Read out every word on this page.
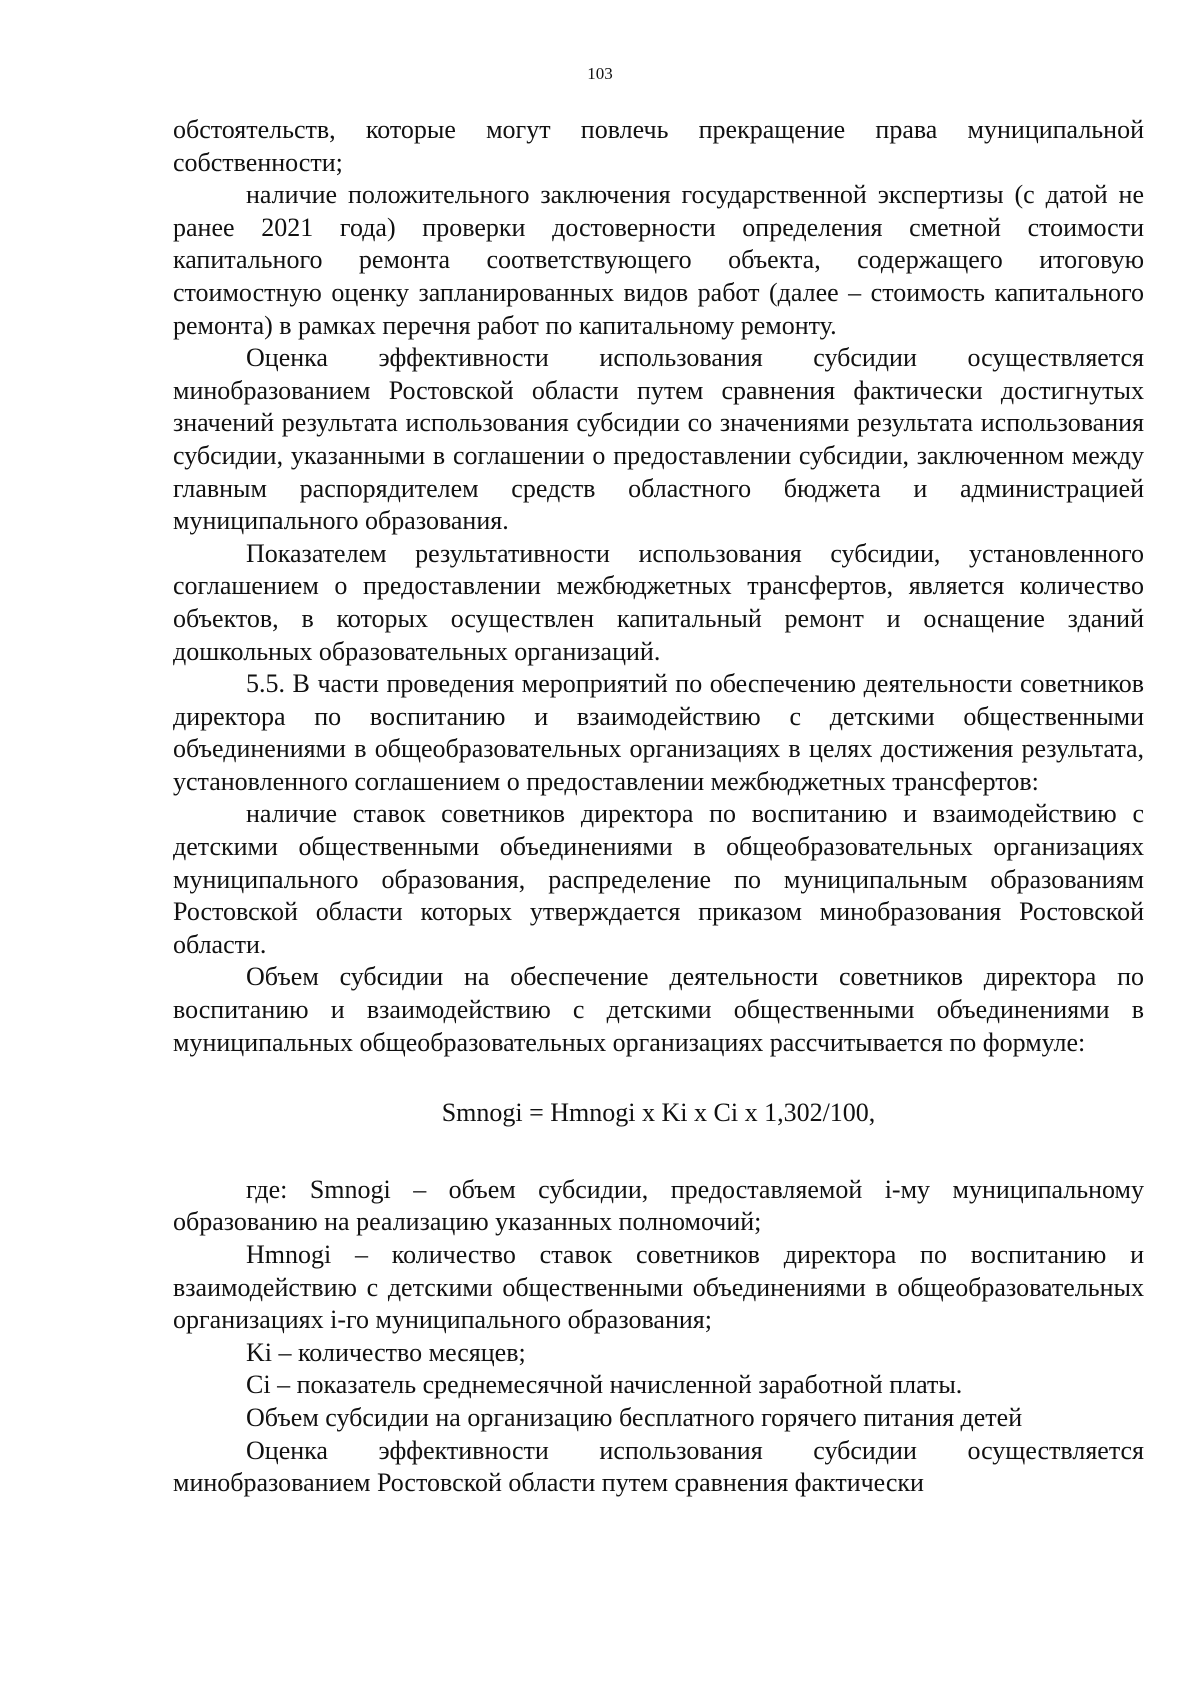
103

обстоятельств, которые могут повлечь прекращение права муниципальной собственности;

наличие положительного заключения государственной экспертизы (с датой не ранее 2021 года) проверки достоверности определения сметной стоимости капитального ремонта соответствующего объекта, содержащего итоговую стоимостную оценку запланированных видов работ (далее – стоимость капитального ремонта) в рамках перечня работ по капитальному ремонту.

Оценка эффективности использования субсидии осуществляется минобразованием Ростовской области путем сравнения фактически достигнутых значений результата использования субсидии со значениями результата использования субсидии, указанными в соглашении о предоставлении субсидии, заключенном между главным распорядителем средств областного бюджета и администрацией муниципального образования.

Показателем результативности использования субсидии, установленного соглашением о предоставлении межбюджетных трансфертов, является количество объектов, в которых осуществлен капитальный ремонт и оснащение зданий дошкольных образовательных организаций.

5.5. В части проведения мероприятий по обеспечению деятельности советников директора по воспитанию и взаимодействию с детскими общественными объединениями в общеобразовательных организациях в целях достижения результата, установленного соглашением о предоставлении межбюджетных трансфертов:

наличие ставок советников директора по воспитанию и взаимодействию с детскими общественными объединениями в общеобразовательных организациях муниципального образования, распределение по муниципальным образованиям Ростовской области которых утверждается приказом минобразования Ростовской области.

Объем субсидии на обеспечение деятельности советников директора по воспитанию и взаимодействию с детскими общественными объединениями в муниципальных общеобразовательных организациях рассчитывается по формуле:

Smnogi = Hmnogi x Ki x Ci x 1,302/100,

где: Smnogi – объем субсидии, предоставляемой i-му муниципальному образованию на реализацию указанных полномочий;

Hmnogi – количество ставок советников директора по воспитанию и взаимодействию с детскими общественными объединениями в общеобразовательных организациях i-го муниципального образования;

Ki – количество месяцев;

Ci – показатель среднемесячной начисленной заработной платы.

Объем субсидии на организацию бесплатного горячего питания детей

Оценка эффективности использования субсидии осуществляется минобразованием Ростовской области путем сравнения фактически
